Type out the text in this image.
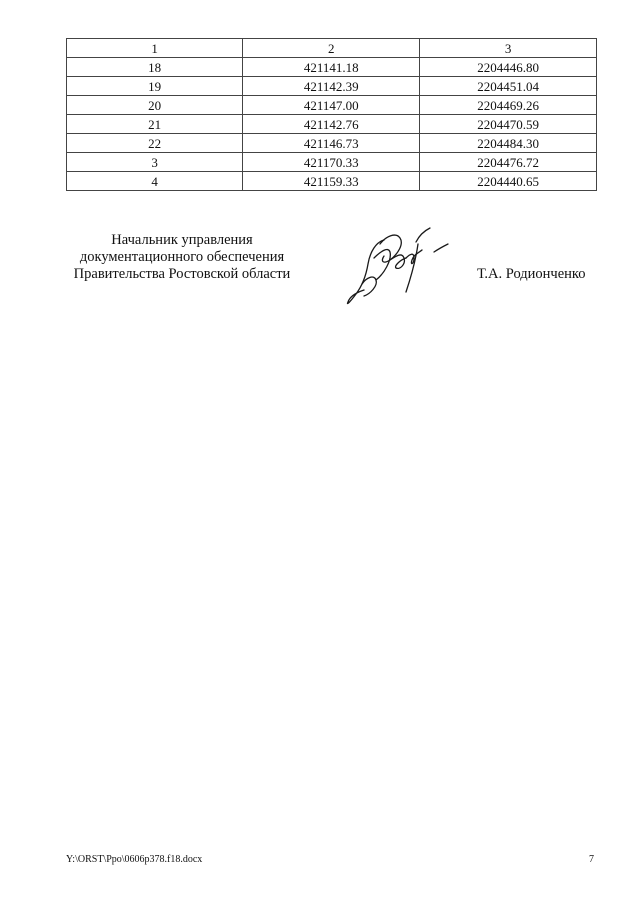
1	2	3
18	421141.18	2204446.80
19	421142.39	2204451.04
20	421147.00	2204469.26
21	421142.76	2204470.59
22	421146.73	2204484.30
3	421170.33	2204476.72
4	421159.33	2204440.65
Начальник управления
документационного обеспечения
Правительства Ростовской области	Т.А. Родионченко
Y:\ORST\Ppo\0606p378.f18.docx	7
